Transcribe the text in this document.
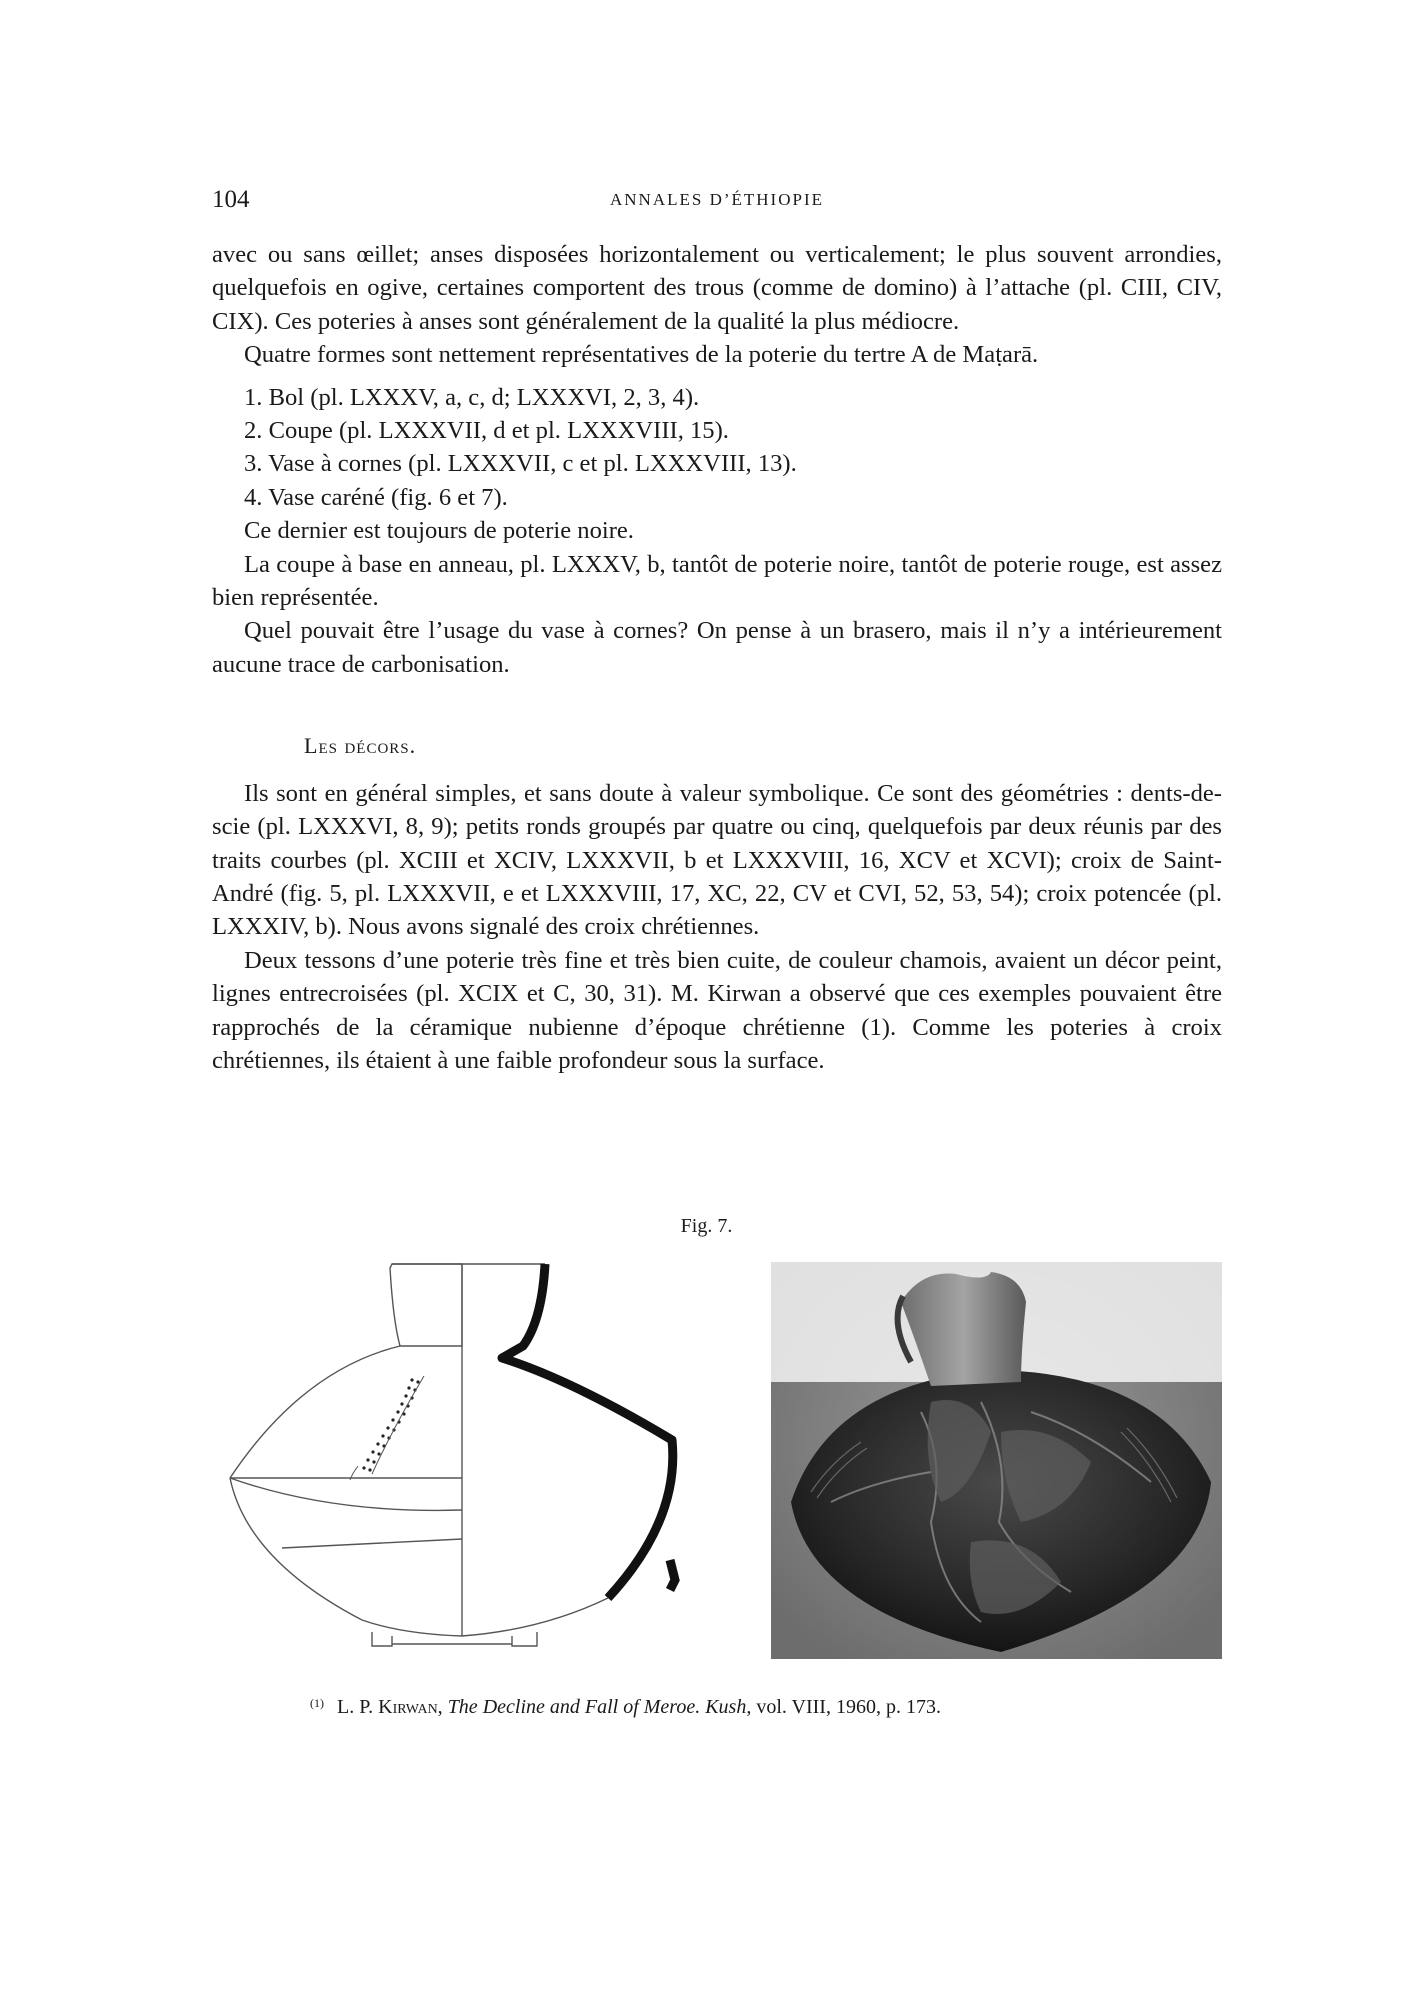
104	ANNALES D’ÉTHIOPIE

avec ou sans œillet; anses disposées horizontalement ou verticalement; le plus souvent arrondies, quelquefois en ogive, certaines comportent des trous (comme de domino) à l’attache (pl. CIII, CIV, CIX). Ces poteries à anses sont généralement de la qualité la plus médiocre.

Quatre formes sont nettement représentatives de la poterie du tertre A de Maṭarā.

1. Bol (pl. LXXXV, a, c, d; LXXXVI, 2, 3, 4).
2. Coupe (pl. LXXXVII, d et pl. LXXXVIII, 15).
3. Vase à cornes (pl. LXXXVII, c et pl. LXXXVIII, 13).
4. Vase caréné (fig. 6 et 7).

Ce dernier est toujours de poterie noire.

La coupe à base en anneau, pl. LXXXV, b, tantôt de poterie noire, tantôt de poterie rouge, est assez bien représentée.

Quel pouvait être l’usage du vase à cornes? On pense à un brasero, mais il n’y a intérieurement aucune trace de carbonisation.

Les décors.

Ils sont en général simples, et sans doute à valeur symbolique. Ce sont des géométries : dents-de-scie (pl. LXXXVI, 8, 9); petits ronds groupés par quatre ou cinq, quelquefois par deux réunis par des traits courbes (pl. XCIII et XCIV, LXXXVII, b et LXXXVIII, 16, XCV et XCVI); croix de Saint-André (fig. 5, pl. LXXXVII, e et LXXXVIII, 17, XC, 22, CV et CVI, 52, 53, 54); croix potencée (pl. LXXXIV, b). Nous avons signalé des croix chrétiennes.

Deux tessons d’une poterie très fine et très bien cuite, de couleur chamois, avaient un décor peint, lignes entrecroisées (pl. XCIX et C, 30, 31). M. Kirwan a observé que ces exemples pouvaient être rapprochés de la céramique nubienne d’époque chrétienne (1). Comme les poteries à croix chrétiennes, ils étaient à une faible profondeur sous la surface.

Fig. 7.
$^{(1)}$ L. P. Kirwan, The Decline and Fall of Meroe. Kush, vol. VIII, 1960, p. 173.
